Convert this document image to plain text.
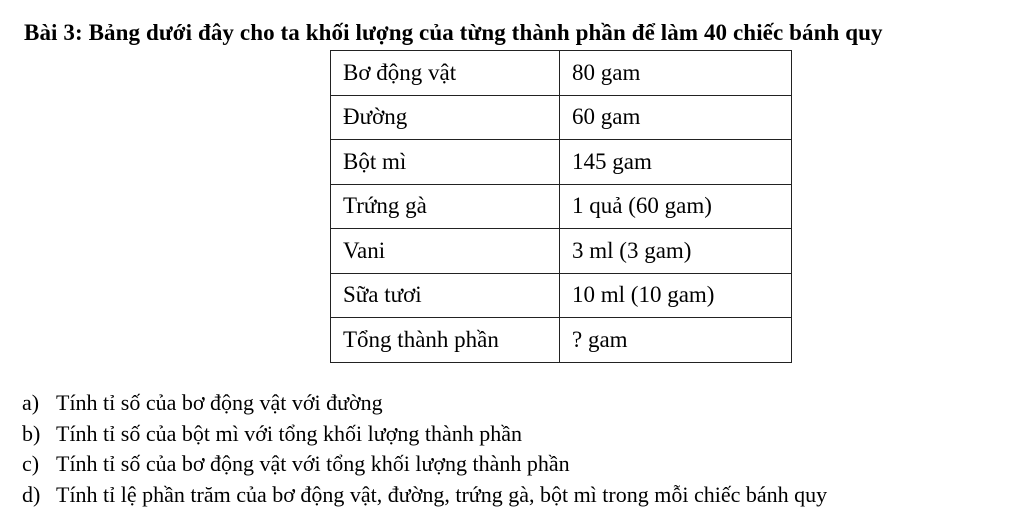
Bài 3: Bảng dưới đây cho ta khối lượng của từng thành phần để làm 40 chiếc bánh quy
Bơ động vật	80 gam
Đường	60 gam
Bột mì	145 gam
Trứng gà	1 quả (60 gam)
Vani	3 ml (3 gam)
Sữa tươi	10 ml (10 gam)
Tổng thành phần	? gam
a) Tính tỉ số của bơ động vật với đường
b) Tính tỉ số của bột mì với tổng khối lượng thành phần
c) Tính tỉ số của bơ động vật với tổng khối lượng thành phần
d) Tính tỉ lệ phần trăm của bơ động vật, đường, trứng gà, bột mì trong mỗi chiếc bánh quy
